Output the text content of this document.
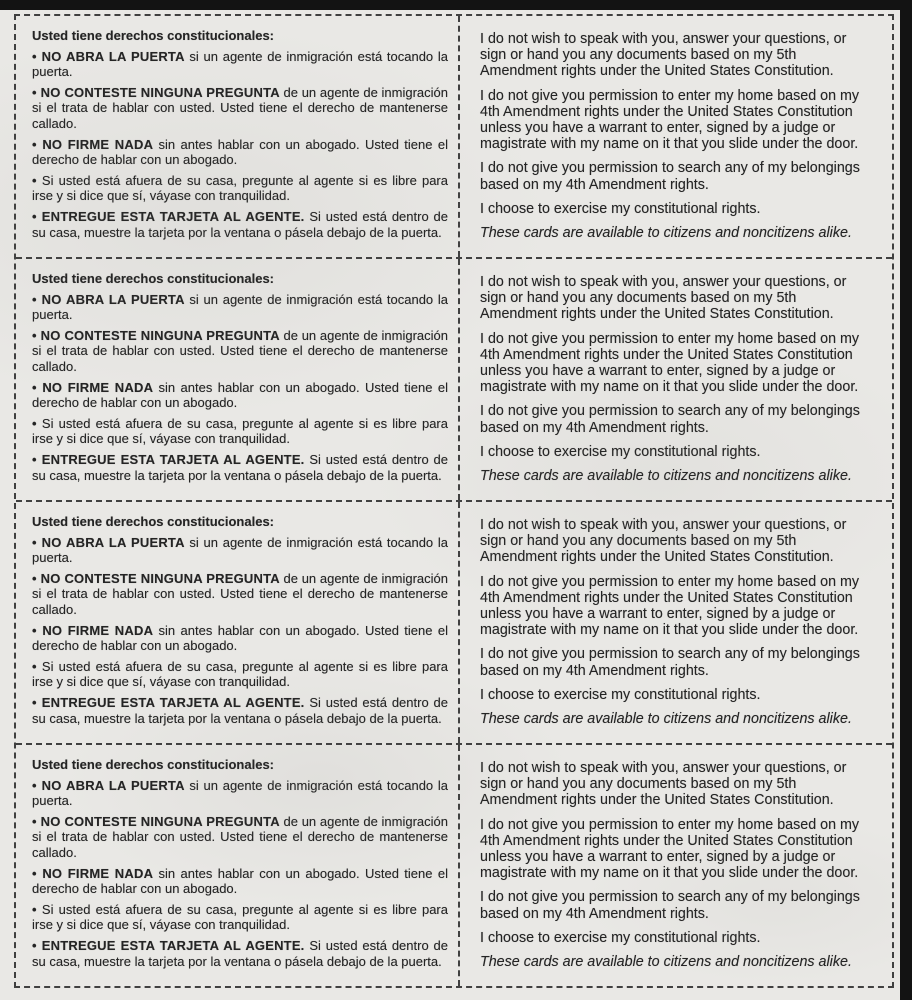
Usted tiene derechos constitucionales:

• NO ABRA LA PUERTA si un agente de inmigración está tocando la puerta.

• NO CONTESTE NINGUNA PREGUNTA de un agente de inmigración si el trata de hablar con usted. Usted tiene el derecho de mantenerse callado.

• NO FIRME NADA sin antes hablar con un abogado. Usted tiene el derecho de hablar con un abogado.

• Si usted está afuera de su casa, pregunte al agente si es libre para irse y si dice que sí, váyase con tranquilidad.

• ENTREGUE ESTA TARJETA AL AGENTE. Si usted está dentro de su casa, muestre la tarjeta por la ventana o pásela debajo de la puerta.

I do not wish to speak with you, answer your questions, or sign or hand you any documents based on my 5th Amendment rights under the United States Constitution.

I do not give you permission to enter my home based on my 4th Amendment rights under the United States Constitution unless you have a warrant to enter, signed by a judge or magistrate with my name on it that you slide under the door.

I do not give you permission to search any of my belongings based on my 4th Amendment rights.

I choose to exercise my constitutional rights.

These cards are available to citizens and noncitizens alike.

Usted tiene derechos constitucionales:

• NO ABRA LA PUERTA si un agente de inmigración está tocando la puerta.

• NO CONTESTE NINGUNA PREGUNTA de un agente de inmigración si el trata de hablar con usted. Usted tiene el derecho de mantenerse callado.

• NO FIRME NADA sin antes hablar con un abogado. Usted tiene el derecho de hablar con un abogado.

• Si usted está afuera de su casa, pregunte al agente si es libre para irse y si dice que sí, váyase con tranquilidad.

• ENTREGUE ESTA TARJETA AL AGENTE. Si usted está dentro de su casa, muestre la tarjeta por la ventana o pásela debajo de la puerta.

I do not wish to speak with you, answer your questions, or sign or hand you any documents based on my 5th Amendment rights under the United States Constitution.

I do not give you permission to enter my home based on my 4th Amendment rights under the United States Constitution unless you have a warrant to enter, signed by a judge or magistrate with my name on it that you slide under the door.

I do not give you permission to search any of my belongings based on my 4th Amendment rights.

I choose to exercise my constitutional rights.

These cards are available to citizens and noncitizens alike.

Usted tiene derechos constitucionales:

• NO ABRA LA PUERTA si un agente de inmigración está tocando la puerta.

• NO CONTESTE NINGUNA PREGUNTA de un agente de inmigración si el trata de hablar con usted. Usted tiene el derecho de mantenerse callado.

• NO FIRME NADA sin antes hablar con un abogado. Usted tiene el derecho de hablar con un abogado.

• Si usted está afuera de su casa, pregunte al agente si es libre para irse y si dice que sí, váyase con tranquilidad.

• ENTREGUE ESTA TARJETA AL AGENTE. Si usted está dentro de su casa, muestre la tarjeta por la ventana o pásela debajo de la puerta.

I do not wish to speak with you, answer your questions, or sign or hand you any documents based on my 5th Amendment rights under the United States Constitution.

I do not give you permission to enter my home based on my 4th Amendment rights under the United States Constitution unless you have a warrant to enter, signed by a judge or magistrate with my name on it that you slide under the door.

I do not give you permission to search any of my belongings based on my 4th Amendment rights.

I choose to exercise my constitutional rights.

These cards are available to citizens and noncitizens alike.

Usted tiene derechos constitucionales:

• NO ABRA LA PUERTA si un agente de inmigración está tocando la puerta.

• NO CONTESTE NINGUNA PREGUNTA de un agente de inmigración si el trata de hablar con usted. Usted tiene el derecho de mantenerse callado.

• NO FIRME NADA sin antes hablar con un abogado. Usted tiene el derecho de hablar con un abogado.

• Si usted está afuera de su casa, pregunte al agente si es libre para irse y si dice que sí, váyase con tranquilidad.

• ENTREGUE ESTA TARJETA AL AGENTE. Si usted está dentro de su casa, muestre la tarjeta por la ventana o pásela debajo de la puerta.

I do not wish to speak with you, answer your questions, or sign or hand you any documents based on my 5th Amendment rights under the United States Constitution.

I do not give you permission to enter my home based on my 4th Amendment rights under the United States Constitution unless you have a warrant to enter, signed by a judge or magistrate with my name on it that you slide under the door.

I do not give you permission to search any of my belongings based on my 4th Amendment rights.

I choose to exercise my constitutional rights.

These cards are available to citizens and noncitizens alike.
